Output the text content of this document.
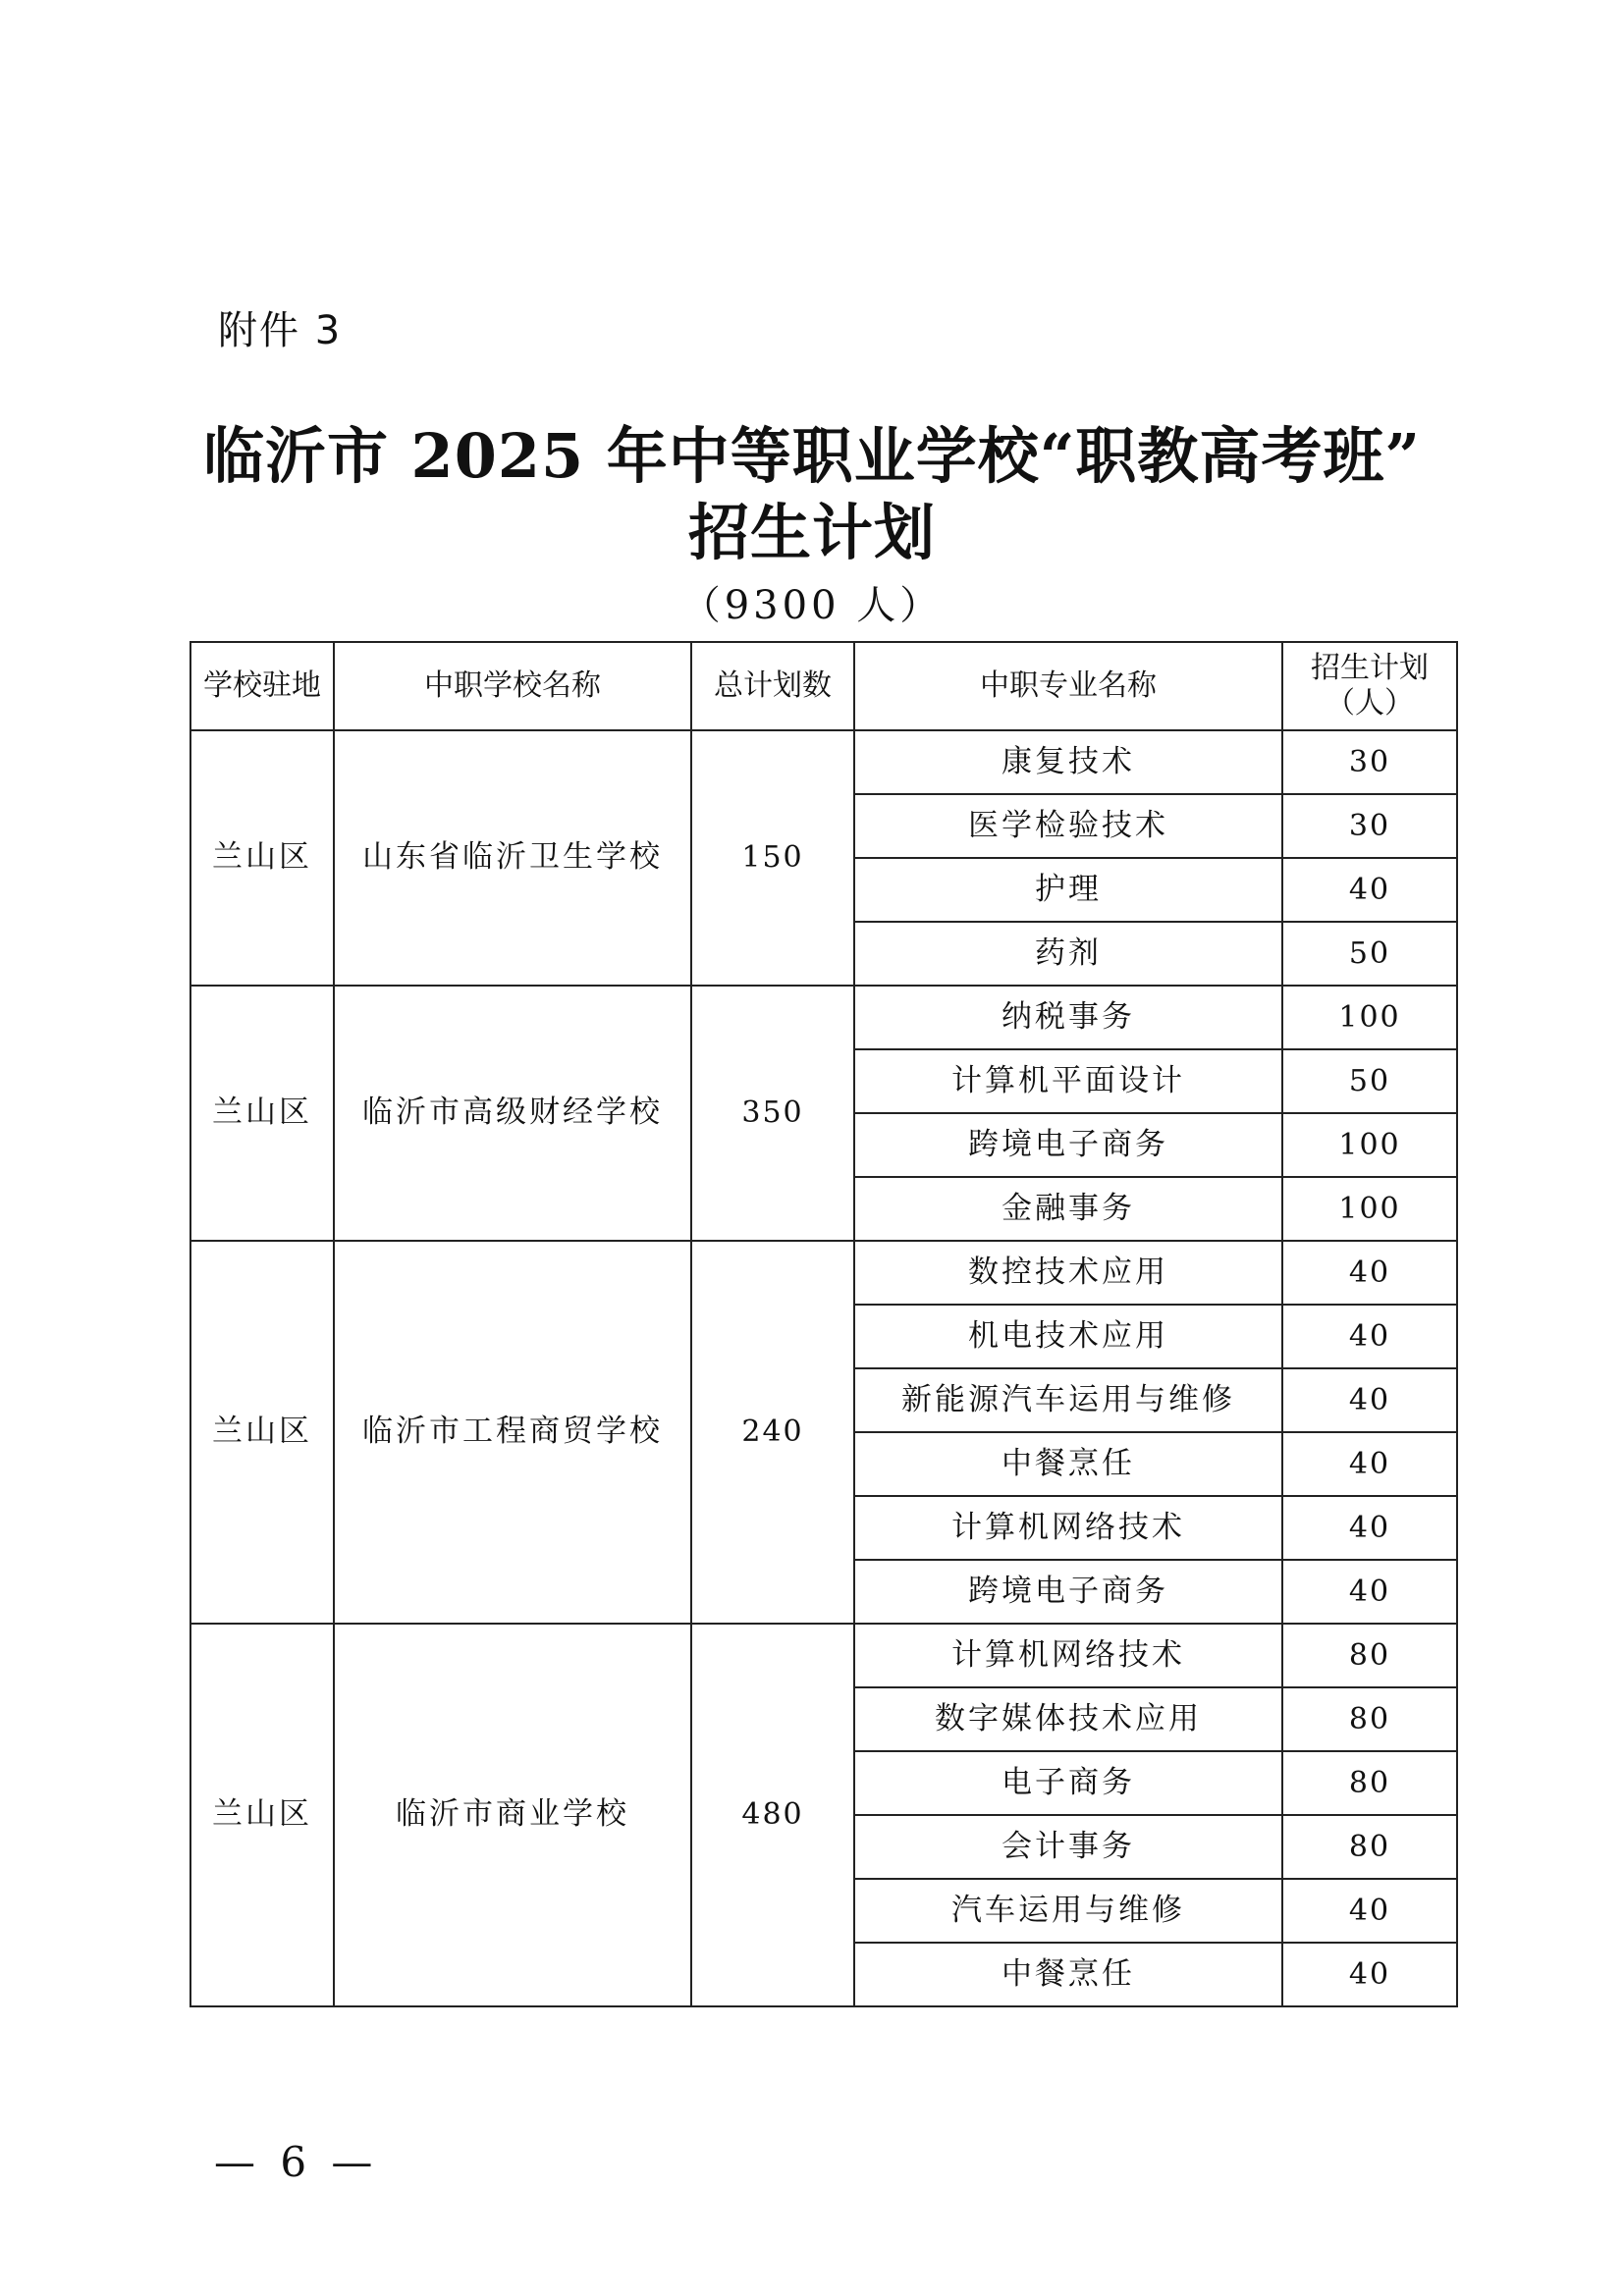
附件 3
临沂市 2025 年中等职业学校“职教高考班”
招生计划
（9300 人）
学校驻地	中职学校名称	总计划数	中职专业名称	招生计划（人）
兰山区	山东省临沂卫生学校	150	康复技术	30
			医学检验技术	30
			护理	40
			药剂	50
兰山区	临沂市高级财经学校	350	纳税事务	100
			计算机平面设计	50
			跨境电子商务	100
			金融事务	100
兰山区	临沂市工程商贸学校	240	数控技术应用	40
			机电技术应用	40
			新能源汽车运用与维修	40
			中餐烹任	40
			计算机网络技术	40
			跨境电子商务	40
兰山区	临沂市商业学校	480	计算机网络技术	80
			数字媒体技术应用	80
			电子商务	80
			会计事务	80
			汽车运用与维修	40
			中餐烹任	40
— 6 —
